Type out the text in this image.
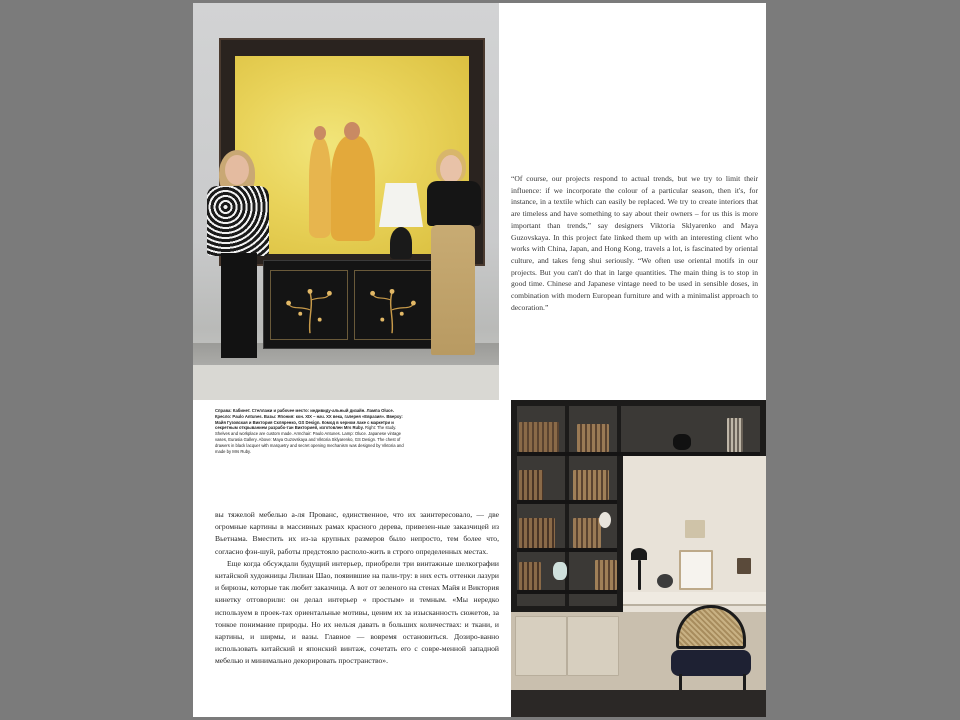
“Of course, our projects respond to actual trends, but we try to limit their influence: if we incorporate the colour of a particular season, then it's, for instance, in a textile which can easily be replaced. We try to create interiors that are timeless and have something to say about their owners – for us this is more important than trends,” say designers Viktoria Sklyarenko and Maya Guzovskaya. In this project fate linked them up with an interesting client who works with China, Japan, and Hong Kong, travels a lot, is fascinated by oriental culture, and takes feng shui seriously. “We often use oriental motifs in our projects. But you can't do that in large quantities. The main thing is to stop in good time. Chinese and Japanese vintage need to be used in sensible doses, in combination with modern European furniture and with a minimalist approach to decoration.”
Справа: Кабинет. Стеллажи и рабочее место: индивиду-альный дизайн. Лампа Oluce. Кресло: Paulo Antunes. Вазы: Япония: кон. XIX – нач. XX века, галерея «Евразия». Вверху: Майя Гузовская и Виктория Скляренко, GS Design. Комод в черном лаке с маркетри и секретным открыванием разрабо-тан Викторией, изготовлен Mrs Ruby. Right: The study. Shelves and workplace are custom made. Armchair: Paulo Antunes. Lamp: Oluce. Japanese vintage vases, Eurasia Gallery. Above: Maya Guzovskaya and Viktoria Sklyarenko, GS Design. The chest of drawers in black lacquer with marquetry and secret opening mechanism was designed by Viktoria and made by Mrs Ruby.

вы тяжелой мебелью а-ля Прованс, единственное, что их заинтересовало, — две огромные картины в массивных рамах красного дерева, привезен-ные заказчицей из Вьетнама. Вместить их из-за крупных размеров было непросто, тем более что, согласно фэн-шуй, работы предстояло располо-жить в строго определенных местах.

Еще когда обсуждали будущий интерьер, приобрели три винтажные шелкографии китайской художницы Лилиан Шао, появившие на пали-тру: в них есть оттенки лазури и бирюзы, которые так любит заказчица. А вот от зеленого на стенах Майя и Виктория кинетку отговорили: он делал интерьер « простым» и темным. «Мы нередко используем в проек-тах ориентальные мотивы, ценим их за изысканность сюжетов, за тонкое понимание природы. Но их нельзя давать в больших количествах: и ткани, и картины, и ширмы, и вазы. Главное — вовремя остановиться. Дозиро-ванно использовать китайский и японский винтаж, сочетать его с совре-менной западной мебелью и минимально декорировать пространство».
